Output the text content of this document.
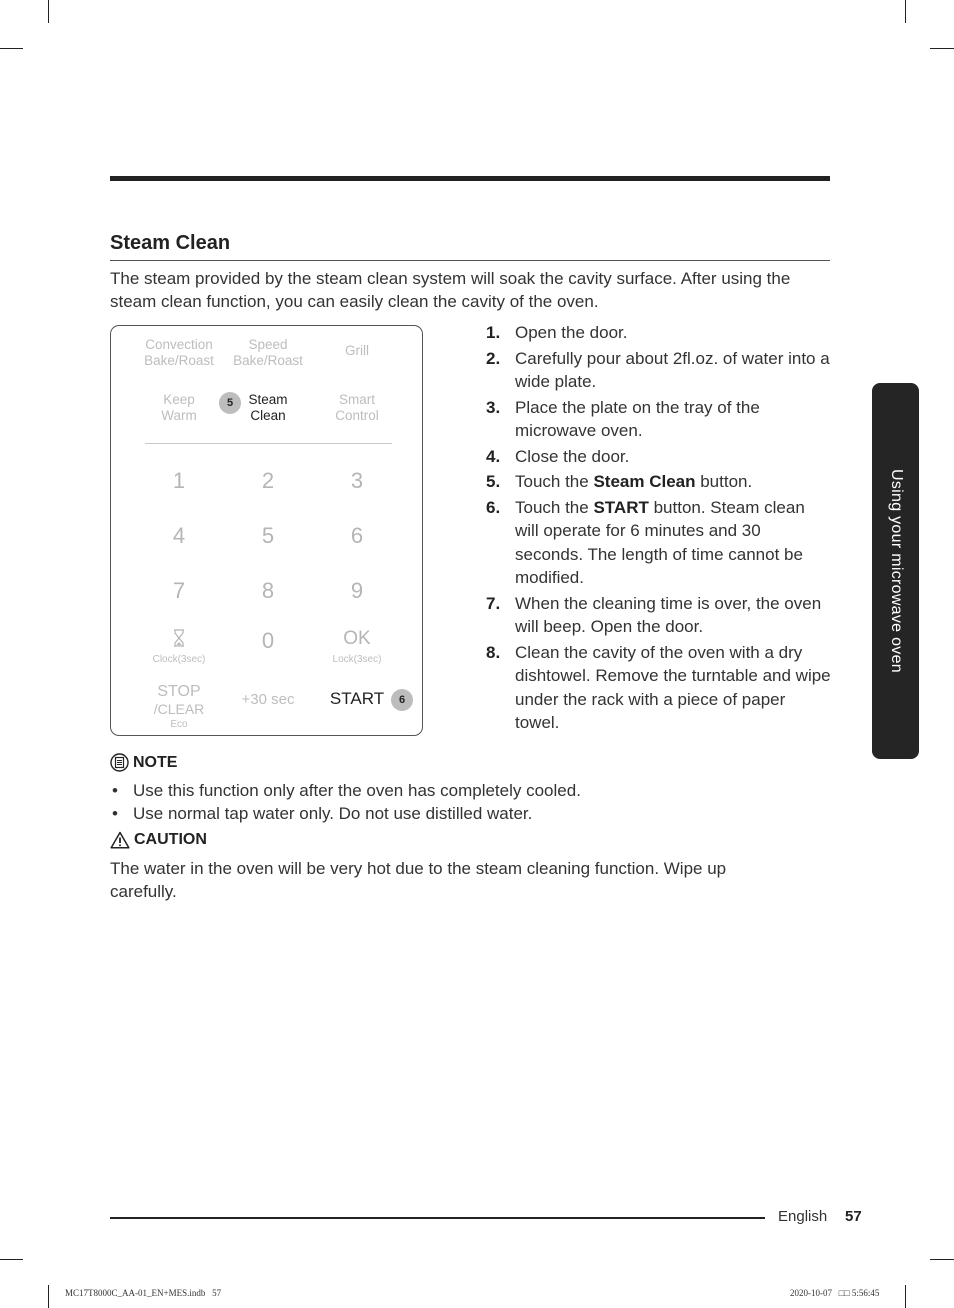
Steam Clean
The steam provided by the steam clean system will soak the cavity surface. After using the steam clean function, you can easily clean the cavity of the oven.
Convection
Bake/Roast
Speed
Bake/Roast
Grill
Keep
Warm
5	Steam
Clean
Smart
Control
1	2	3
4	5	6
7	8	9
Clock(3sec)
0	OK
Lock(3sec)
STOP
/CLEAR
Eco
+30 sec	START	6
1. Open the door.
2. Carefully pour about 2fl.oz. of water into a wide plate.
3. Place the plate on the tray of the microwave oven.
4. Close the door.
5. Touch the Steam Clean button.
6. Touch the START button. Steam clean will operate for 6 minutes and 30 seconds. The length of time cannot be modified.
7. When the cleaning time is over, the oven will beep. Open the door.
8. Clean the cavity of the oven with a dry dishtowel. Remove the turntable and wipe under the rack with a piece of paper towel.
NOTE
• Use this function only after the oven has completely cooled.
• Use normal tap water only. Do not use distilled water.
CAUTION
The water in the oven will be very hot due to the steam cleaning function. Wipe up carefully.
Using your microwave oven
English 57
MC17T8000C_AA-01_EN+MES.indb   57	2020-10-07   □□ 5:56:45
